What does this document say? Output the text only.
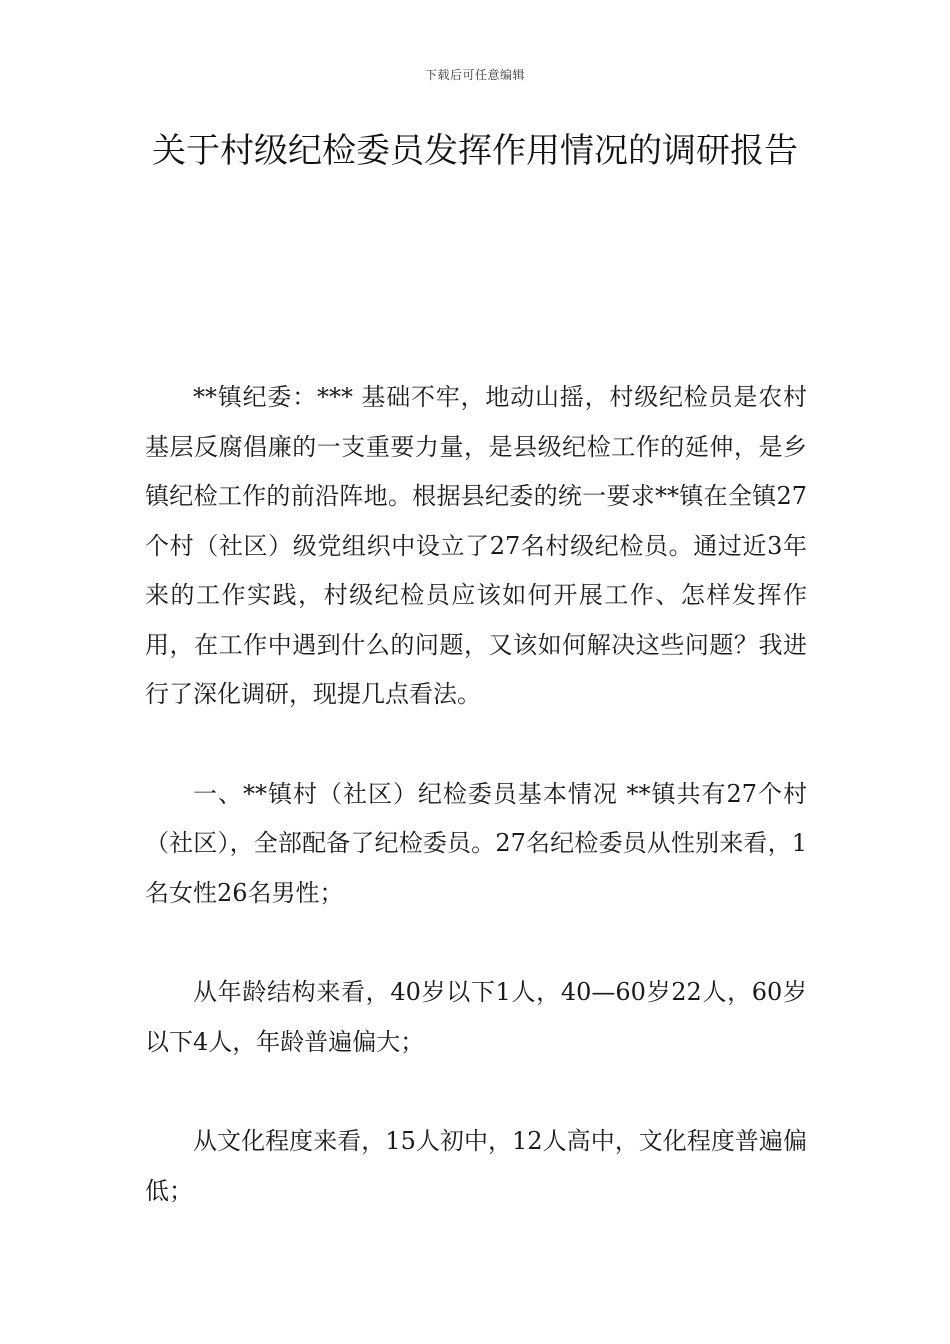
下载后可任意编辑
关于村级纪检委员发挥作用情况的调研报告

**镇纪委：*** 基础不牢，地动山摇，村级纪检员是农村基层反腐倡廉的一支重要力量，是县级纪检工作的延伸，是乡镇纪检工作的前沿阵地。根据县纪委的统一要求**镇在全镇27个村（社区）级党组织中设立了27名村级纪检员。通过近3年来的工作实践，村级纪检员应该如何开展工作、怎样发挥作用，在工作中遇到什么的问题，又该如何解决这些问题？我进行了深化调研，现提几点看法。

一、**镇村（社区）纪检委员基本情况 **镇共有27个村（社区），全部配备了纪检委员。27名纪检委员从性别来看，1名女性26名男性；

从年龄结构来看，40岁以下1人，40—60岁22人，60岁以下4人，年龄普遍偏大；

从文化程度来看，15人初中，12人高中，文化程度普遍偏低；
